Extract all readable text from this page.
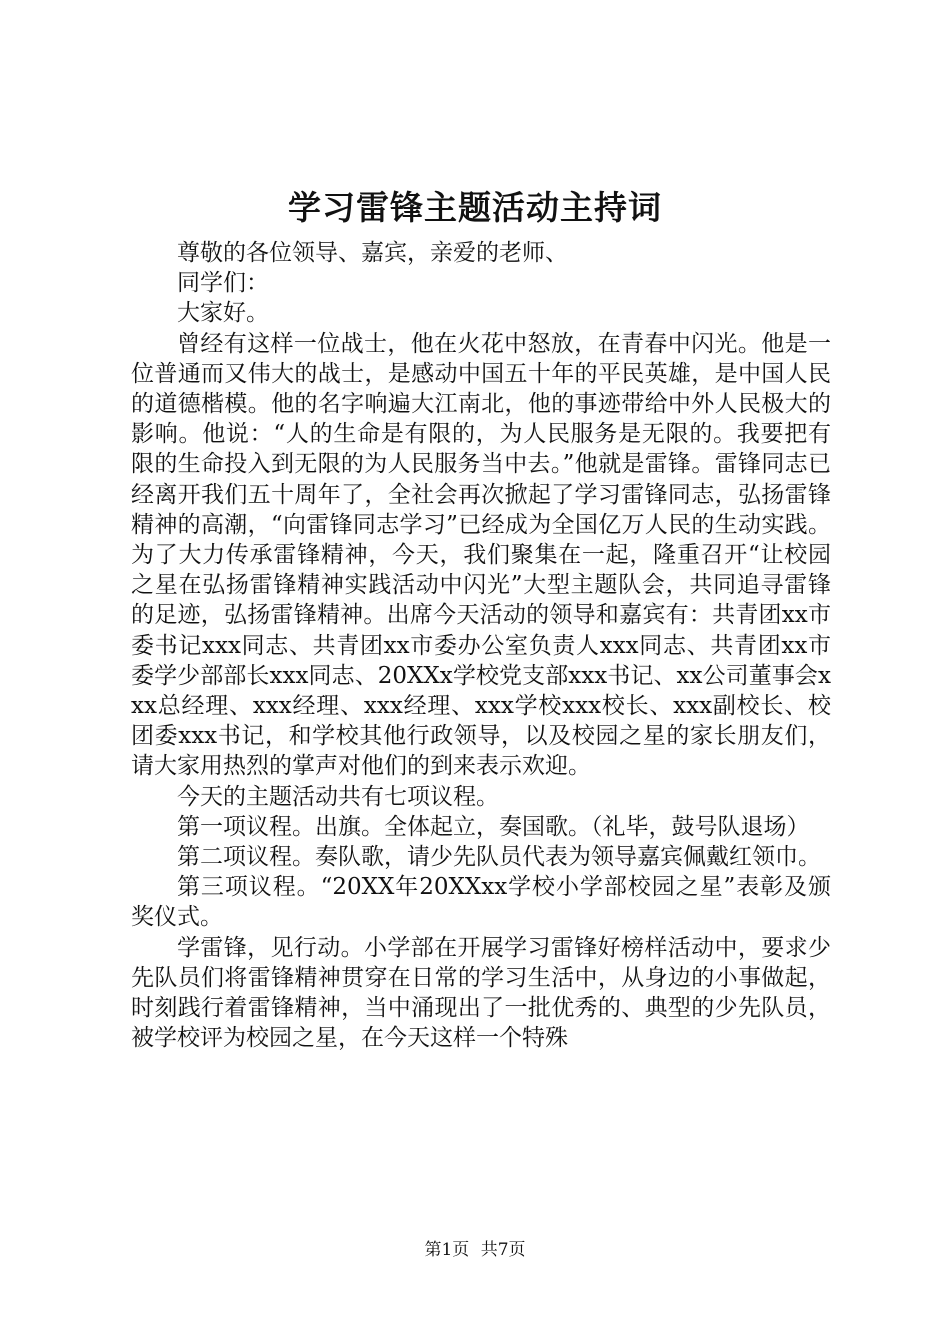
学习雷锋主题活动主持词

尊敬的各位领导、嘉宾，亲爱的老师、

同学们：

大家好。

曾经有这样一位战士，他在火花中怒放，在青春中闪光。他是一位普通而又伟大的战士，是感动中国五十年的平民英雄，是中国人民的道德楷模。他的名字响遍大江南北，他的事迹带给中外人民极大的影响。他说：“人的生命是有限的，为人民服务是无限的。我要把有限的生命投入到无限的为人民服务当中去。”他就是雷锋。雷锋同志已经离开我们五十周年了，全社会再次掀起了学习雷锋同志，弘扬雷锋精神的高潮，“向雷锋同志学习”已经成为全国亿万人民的生动实践。为了大力传承雷锋精神，今天，我们聚集在一起，隆重召开“让校园之星在弘扬雷锋精神实践活动中闪光”大型主题队会，共同追寻雷锋的足迹，弘扬雷锋精神。出席今天活动的领导和嘉宾有：共青团xx市委书记xxx同志、共青团xx市委办公室负责人xxx同志、共青团xx市委学少部部长xxx同志、20XXx学校党支部xxx书记、xx公司董事会xxx总经理、xxx经理、xxx经理、xxx学校xxx校长、xxx副校长、校团委xxx书记，和学校其他行政领导，以及校园之星的家长朋友们，请大家用热烈的掌声对他们的到来表示欢迎。

今天的主题活动共有七项议程。

第一项议程。出旗。全体起立，奏国歌。（礼毕，鼓号队退场）

第二项议程。奏队歌，请少先队员代表为领导嘉宾佩戴红领巾。

第三项议程。“20XX年20XXxx学校小学部校园之星”表彰及颁奖仪式。

学雷锋，见行动。小学部在开展学习雷锋好榜样活动中，要求少先队员们将雷锋精神贯穿在日常的学习生活中，从身边的小事做起，时刻践行着雷锋精神，当中涌现出了一批优秀的、典型的少先队员，被学校评为校园之星，在今天这样一个特殊

第1页 共7页
